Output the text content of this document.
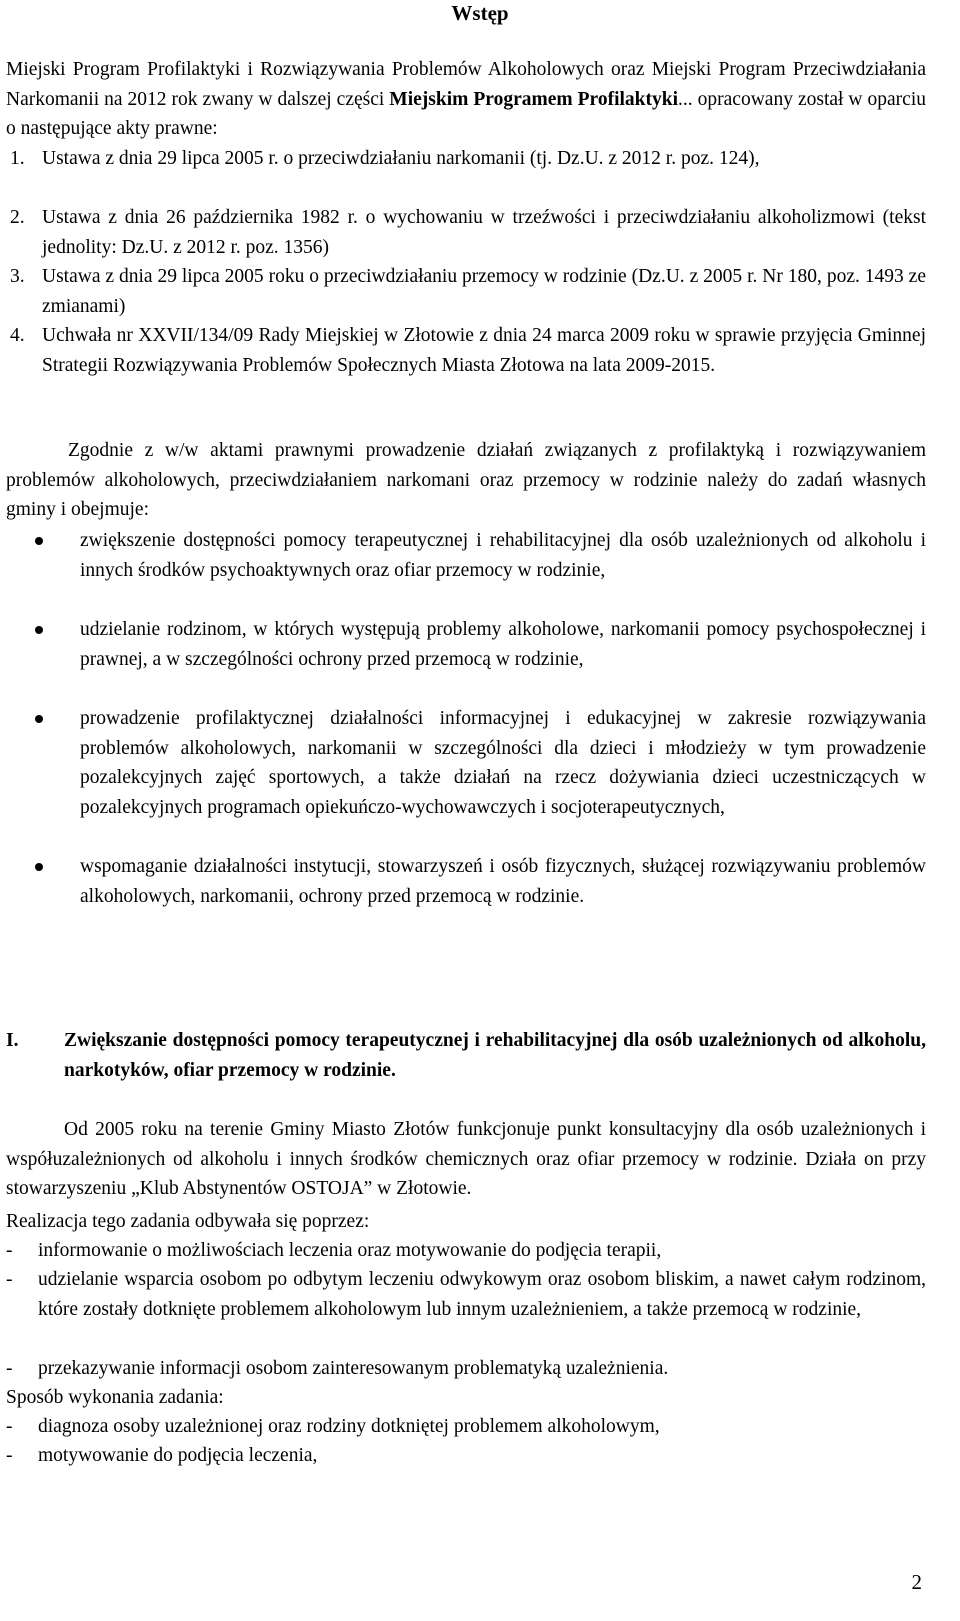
Wstęp
Miejski Program Profilaktyki i Rozwiązywania Problemów Alkoholowych oraz Miejski Program Przeciwdziałania Narkomanii na 2012 rok zwany w dalszej części Miejskim Programem Profilaktyki... opracowany został w oparciu o następujące akty prawne:
1. Ustawa z dnia 29 lipca 2005 r. o przeciwdziałaniu narkomanii (tj. Dz.U. z 2012 r. poz. 124),
2. Ustawa z dnia 26 października 1982 r. o wychowaniu w trzeźwości i przeciwdziałaniu alkoholizmowi (tekst jednolity: Dz.U. z 2012 r. poz. 1356)
3. Ustawa z dnia 29 lipca 2005 roku o przeciwdziałaniu przemocy w rodzinie (Dz.U. z 2005 r. Nr 180, poz. 1493 ze zmianami)
4. Uchwała nr XXVII/134/09 Rady Miejskiej w Złotowie z dnia 24 marca 2009 roku w sprawie przyjęcia Gminnej Strategii Rozwiązywania Problemów Społecznych Miasta Złotowa na lata 2009-2015.
Zgodnie z w/w aktami prawnymi prowadzenie działań związanych z profilaktyką i rozwiązywaniem problemów alkoholowych, przeciwdziałaniem narkomani oraz przemocy w rodzinie należy do zadań własnych gminy i obejmuje:
zwiększenie dostępności pomocy terapeutycznej i rehabilitacyjnej dla osób uzależnionych od alkoholu i innych środków psychoaktywnych oraz ofiar przemocy w rodzinie,
udzielanie rodzinom, w których występują problemy alkoholowe, narkomanii pomocy psychospołecznej i prawnej, a w szczególności ochrony przed przemocą w rodzinie,
prowadzenie profilaktycznej działalności informacyjnej i edukacyjnej w zakresie rozwiązywania problemów alkoholowych, narkomanii w szczególności dla dzieci i młodzieży w tym prowadzenie pozalekcyjnych zajęć sportowych, a także działań na rzecz dożywiania dzieci uczestniczących w pozalekcyjnych programach opiekuńczo-wychowawczych i socjoterapeutycznych,
wspomaganie działalności instytucji, stowarzyszeń i osób fizycznych, służącej rozwiązywaniu problemów alkoholowych, narkomanii, ochrony przed przemocą w rodzinie.
I. Zwiększanie dostępności pomocy terapeutycznej i rehabilitacyjnej dla osób uzależnionych od alkoholu, narkotyków, ofiar przemocy w rodzinie.
Od 2005 roku na terenie Gminy Miasto Złotów funkcjonuje punkt konsultacyjny dla osób uzależnionych i współuzależnionych od alkoholu i innych środków chemicznych oraz ofiar przemocy w rodzinie. Działa on przy stowarzyszeniu „Klub Abstynentów OSTOJA” w Złotowie.
Realizacja tego zadania odbywała się poprzez:
- informowanie o możliwościach leczenia oraz motywowanie do podjęcia terapii,
- udzielanie wsparcia osobom po odbytym leczeniu odwykowym oraz osobom bliskim, a nawet całym rodzinom, które zostały dotknięte problemem alkoholowym lub innym uzależnieniem, a także przemocą w rodzinie,
- przekazywanie informacji osobom zainteresowanym problematyką uzależnienia.
Sposób wykonania zadania:
- diagnoza osoby uzależnionej oraz rodziny dotkniętej problemem alkoholowym,
- motywowanie do podjęcia leczenia,
2
